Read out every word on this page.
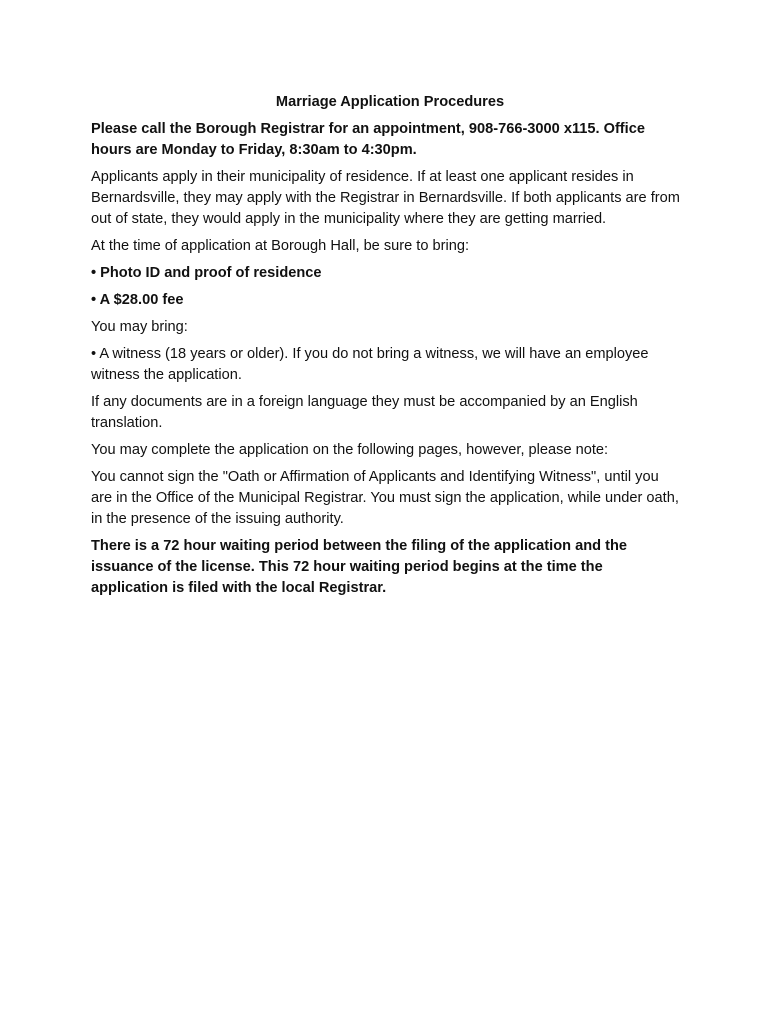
Marriage Application Procedures

Please call the Borough Registrar for an appointment, 908-766-3000 x115. Office hours are Monday to Friday, 8:30am to 4:30pm.

Applicants apply in their municipality of residence. If at least one applicant resides in Bernardsville, they may apply with the Registrar in Bernardsville. If both applicants are from out of state, they would apply in the municipality where they are getting married.

At the time of application at Borough Hall, be sure to bring:

• Photo ID and proof of residence

• A $28.00 fee

You may bring:

• A witness (18 years or older). If you do not bring a witness, we will have an employee witness the application.

If any documents are in a foreign language they must be accompanied by an English translation.

You may complete the application on the following pages, however, please note:

You cannot sign the "Oath or Affirmation of Applicants and Identifying Witness", until you are in the Office of the Municipal Registrar. You must sign the application, while under oath, in the presence of the issuing authority.

There is a 72 hour waiting period between the filing of the application and the issuance of the license. This 72 hour waiting period begins at the time the application is filed with the local Registrar.
